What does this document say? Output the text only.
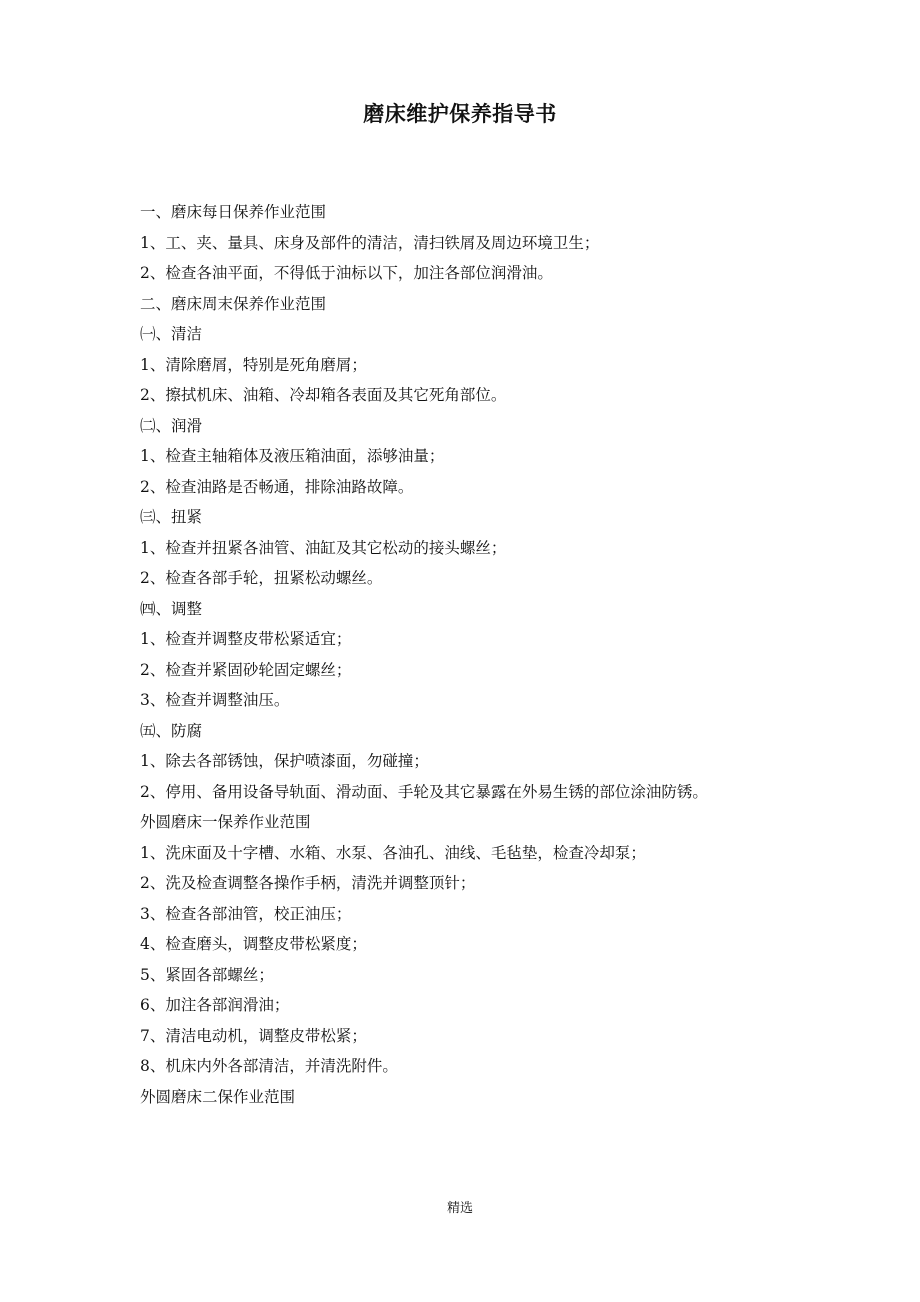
磨床维护保养指导书
一、磨床每日保养作业范围
1、工、夹、量具、床身及部件的清洁，清扫铁屑及周边环境卫生；
2、检查各油平面，不得低于油标以下，加注各部位润滑油。
二、磨床周末保养作业范围
㈠、清洁
1、清除磨屑，特别是死角磨屑；
2、擦拭机床、油箱、冷却箱各表面及其它死角部位。
㈡、润滑
1、检查主轴箱体及液压箱油面，添够油量；
2、检查油路是否畅通，排除油路故障。
㈢、扭紧
1、检查并扭紧各油管、油缸及其它松动的接头螺丝；
2、检查各部手轮，扭紧松动螺丝。
㈣、调整
1、检查并调整皮带松紧适宜；
2、检查并紧固砂轮固定螺丝；
3、检查并调整油压。
㈤、防腐
1、除去各部锈蚀，保护喷漆面，勿碰撞；
2、停用、备用设备导轨面、滑动面、手轮及其它暴露在外易生锈的部位涂油防锈。
外圆磨床一保养作业范围
1、洗床面及十字槽、水箱、水泵、各油孔、油线、毛毡垫，检查冷却泵；
2、洗及检查调整各操作手柄，清洗并调整顶针；
3、检查各部油管，校正油压；
4、检查磨头，调整皮带松紧度；
5、紧固各部螺丝；
6、加注各部润滑油；
7、清洁电动机，调整皮带松紧；
8、机床内外各部清洁，并清洗附件。
外圆磨床二保作业范围
精选
